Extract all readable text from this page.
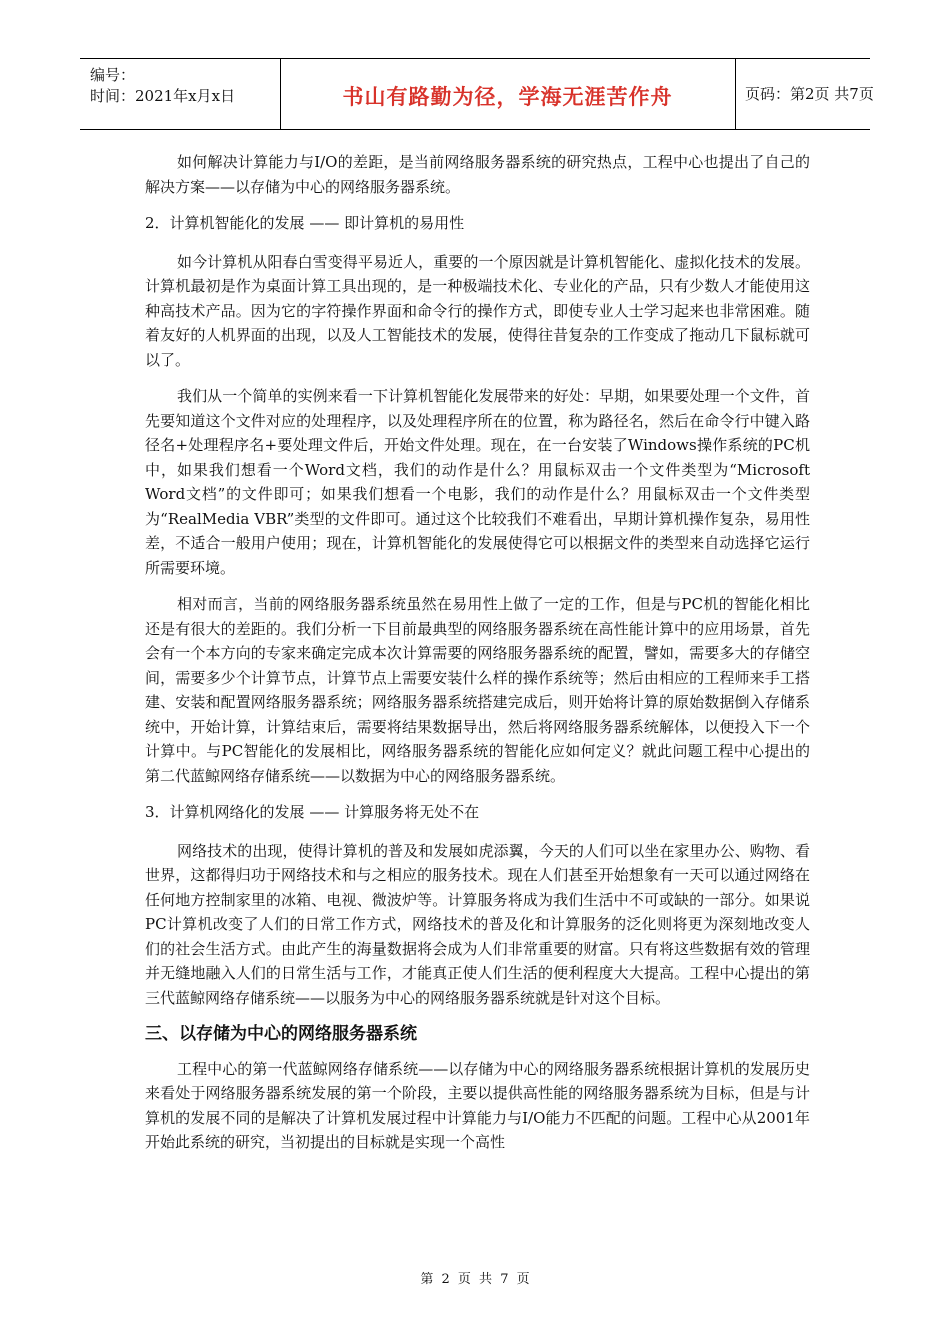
编号：
时间：2021年x月x日	书山有路勤为径，学海无涯苦作舟	页码：第2页 共7页

如何解决计算能力与I/O的差距，是当前网络服务器系统的研究热点，工程中心也提出了自己的解决方案——以存储为中心的网络服务器系统。

2．计算机智能化的发展 —— 即计算机的易用性

如今计算机从阳春白雪变得平易近人，重要的一个原因就是计算机智能化、虚拟化技术的发展。计算机最初是作为桌面计算工具出现的，是一种极端技术化、专业化的产品，只有少数人才能使用这种高技术产品。因为它的字符操作界面和命令行的操作方式，即使专业人士学习起来也非常困难。随着友好的人机界面的出现，以及人工智能技术的发展，使得往昔复杂的工作变成了拖动几下鼠标就可以了。

我们从一个简单的实例来看一下计算机智能化发展带来的好处：早期，如果要处理一个文件，首先要知道这个文件对应的处理程序，以及处理程序所在的位置，称为路径名，然后在命令行中键入路径名+处理程序名+要处理文件后，开始文件处理。现在，在一台安装了Windows操作系统的PC机中，如果我们想看一个Word文档，我们的动作是什么？用鼠标双击一个文件类型为“Microsoft Word文档”的文件即可；如果我们想看一个电影，我们的动作是什么？用鼠标双击一个文件类型为“RealMedia VBR”类型的文件即可。通过这个比较我们不难看出，早期计算机操作复杂，易用性差，不适合一般用户使用；现在，计算机智能化的发展使得它可以根据文件的类型来自动选择它运行所需要环境。

相对而言，当前的网络服务器系统虽然在易用性上做了一定的工作，但是与PC机的智能化相比还是有很大的差距的。我们分析一下目前最典型的网络服务器系统在高性能计算中的应用场景，首先会有一个本方向的专家来确定完成本次计算需要的网络服务器系统的配置，譬如，需要多大的存储空间，需要多少个计算节点，计算节点上需要安装什么样的操作系统等；然后由相应的工程师来手工搭建、安装和配置网络服务器系统；网络服务器系统搭建完成后，则开始将计算的原始数据倒入存储系统中，开始计算，计算结束后，需要将结果数据导出，然后将网络服务器系统解体，以便投入下一个计算中。与PC智能化的发展相比，网络服务器系统的智能化应如何定义？就此问题工程中心提出的第二代蓝鲸网络存储系统——以数据为中心的网络服务器系统。

3．计算机网络化的发展 —— 计算服务将无处不在

网络技术的出现，使得计算机的普及和发展如虎添翼，今天的人们可以坐在家里办公、购物、看世界，这都得归功于网络技术和与之相应的服务技术。现在人们甚至开始想象有一天可以通过网络在任何地方控制家里的冰箱、电视、微波炉等。计算服务将成为我们生活中不可或缺的一部分。如果说PC计算机改变了人们的日常工作方式，网络技术的普及化和计算服务的泛化则将更为深刻地改变人们的社会生活方式。由此产生的海量数据将会成为人们非常重要的财富。只有将这些数据有效的管理并无缝地融入人们的日常生活与工作，才能真正使人们生活的便利程度大大提高。工程中心提出的第三代蓝鲸网络存储系统——以服务为中心的网络服务器系统就是针对这个目标。

三、以存储为中心的网络服务器系统

工程中心的第一代蓝鲸网络存储系统——以存储为中心的网络服务器系统根据计算机的发展历史来看处于网络服务器系统发展的第一个阶段，主要以提供高性能的网络服务器系统为目标，但是与计算机的发展不同的是解决了计算机发展过程中计算能力与I/O能力不匹配的问题。工程中心从2001年开始此系统的研究，当初提出的目标就是实现一个高性

第 2 页 共 7 页
